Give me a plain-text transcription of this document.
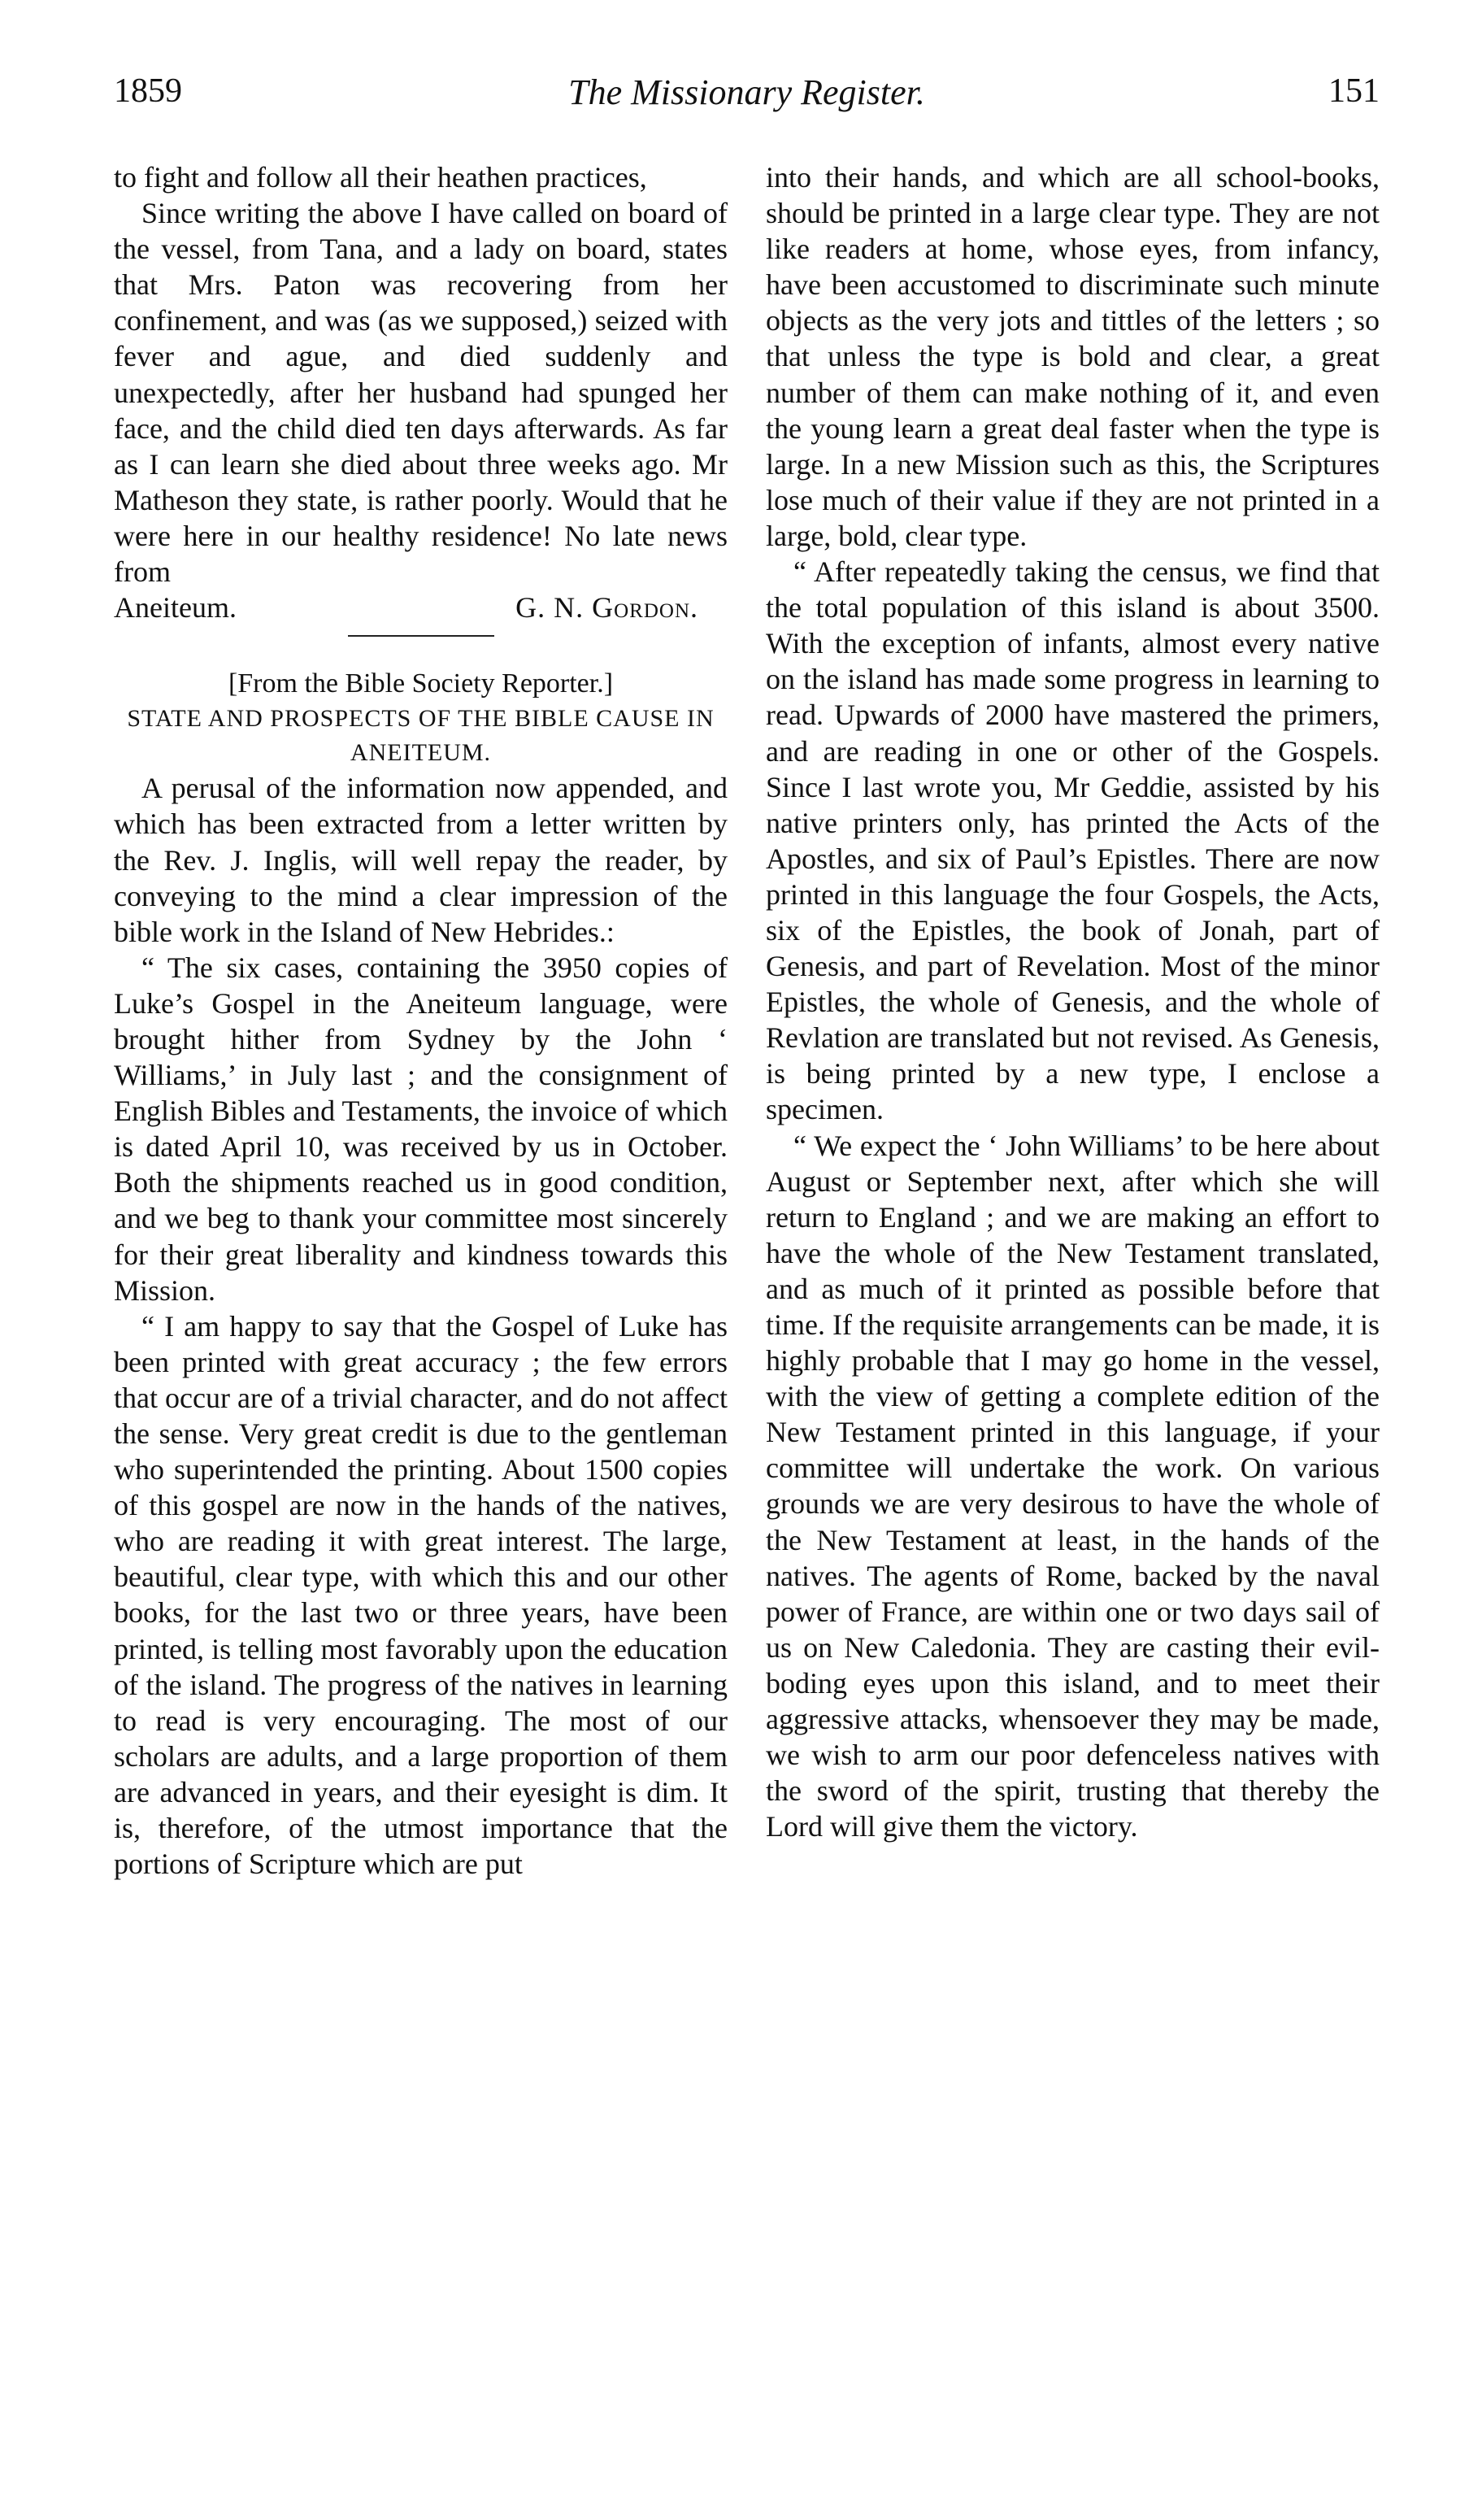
1859	The Missionary Register.	151

to fight and follow all their heathen practices,

Since writing the above I have called on board of the vessel, from Tana, and a lady on board, states that Mrs. Paton was recovering from her confinement, and was (as we supposed,) seized with fever and ague, and died suddenly and unexpectedly, after her husband had spunged her face, and the child died ten days afterwards. As far as I can learn she died about three weeks ago. Mr Matheson they state, is rather poorly. Would that he were here in our healthy residence! No late news from

Aneiteum.	G. N. Gordon.

[From the Bible Society Reporter.]

STATE AND PROSPECTS OF THE BIBLE CAUSE IN ANEITEUM.

A perusal of the information now appended, and which has been extracted from a letter written by the Rev. J. Inglis, will well repay the reader, by conveying to the mind a clear impression of the bible work in the Island of New Hebrides.:

“ The six cases, containing the 3950 copies of Luke’s Gospel in the Aneiteum language, were brought hither from Sydney by the John ‘ Williams,’ in July last ; and the consignment of English Bibles and Testaments, the invoice of which is dated April 10, was received by us in October. Both the shipments reached us in good condition, and we beg to thank your committee most sincerely for their great liberality and kindness towards this Mission.

“ I am happy to say that the Gospel of Luke has been printed with great accuracy ; the few errors that occur are of a trivial character, and do not affect the sense. Very great credit is due to the gentleman who superintended the printing. About 1500 copies of this gospel are now in the hands of the natives, who are reading it with great interest. The large, beautiful, clear type, with which this and our other books, for the last two or three years, have been printed, is telling most favorably upon the education of the island. The progress of the natives in learning to read is very encouraging. The most of our scholars are adults, and a large proportion of them are advanced in years, and their eyesight is dim. It is, therefore, of the utmost importance that the portions of Scripture which are put

into their hands, and which are all school-books, should be printed in a large clear type. They are not like readers at home, whose eyes, from infancy, have been accustomed to discriminate such minute objects as the very jots and tittles of the letters ; so that unless the type is bold and clear, a great number of them can make nothing of it, and even the young learn a great deal faster when the type is large. In a new Mission such as this, the Scriptures lose much of their value if they are not printed in a large, bold, clear type.

“ After repeatedly taking the census, we find that the total population of this island is about 3500. With the exception of infants, almost every native on the island has made some progress in learning to read. Upwards of 2000 have mastered the primers, and are reading in one or other of the Gospels. Since I last wrote you, Mr Geddie, assisted by his native printers only, has printed the Acts of the Apostles, and six of Paul’s Epistles. There are now printed in this language the four Gospels, the Acts, six of the Epistles, the book of Jonah, part of Genesis, and part of Revelation. Most of the minor Epistles, the whole of Genesis, and the whole of Revlation are translated but not revised. As Genesis, is being printed by a new type, I enclose a specimen.

“ We expect the ‘ John Williams’ to be here about August or September next, after which she will return to England ; and we are making an effort to have the whole of the New Testament translated, and as much of it printed as possible before that time. If the requisite arrangements can be made, it is highly probable that I may go home in the vessel, with the view of getting a complete edition of the New Testament printed in this language, if your committee will undertake the work. On various grounds we are very desirous to have the whole of the New Testament at least, in the hands of the natives. The agents of Rome, backed by the naval power of France, are within one or two days sail of us on New Caledonia. They are casting their evil-boding eyes upon this island, and to meet their aggressive attacks, whensoever they may be made, we wish to arm our poor defenceless natives with the sword of the spirit, trusting that thereby the Lord will give them the victory.
